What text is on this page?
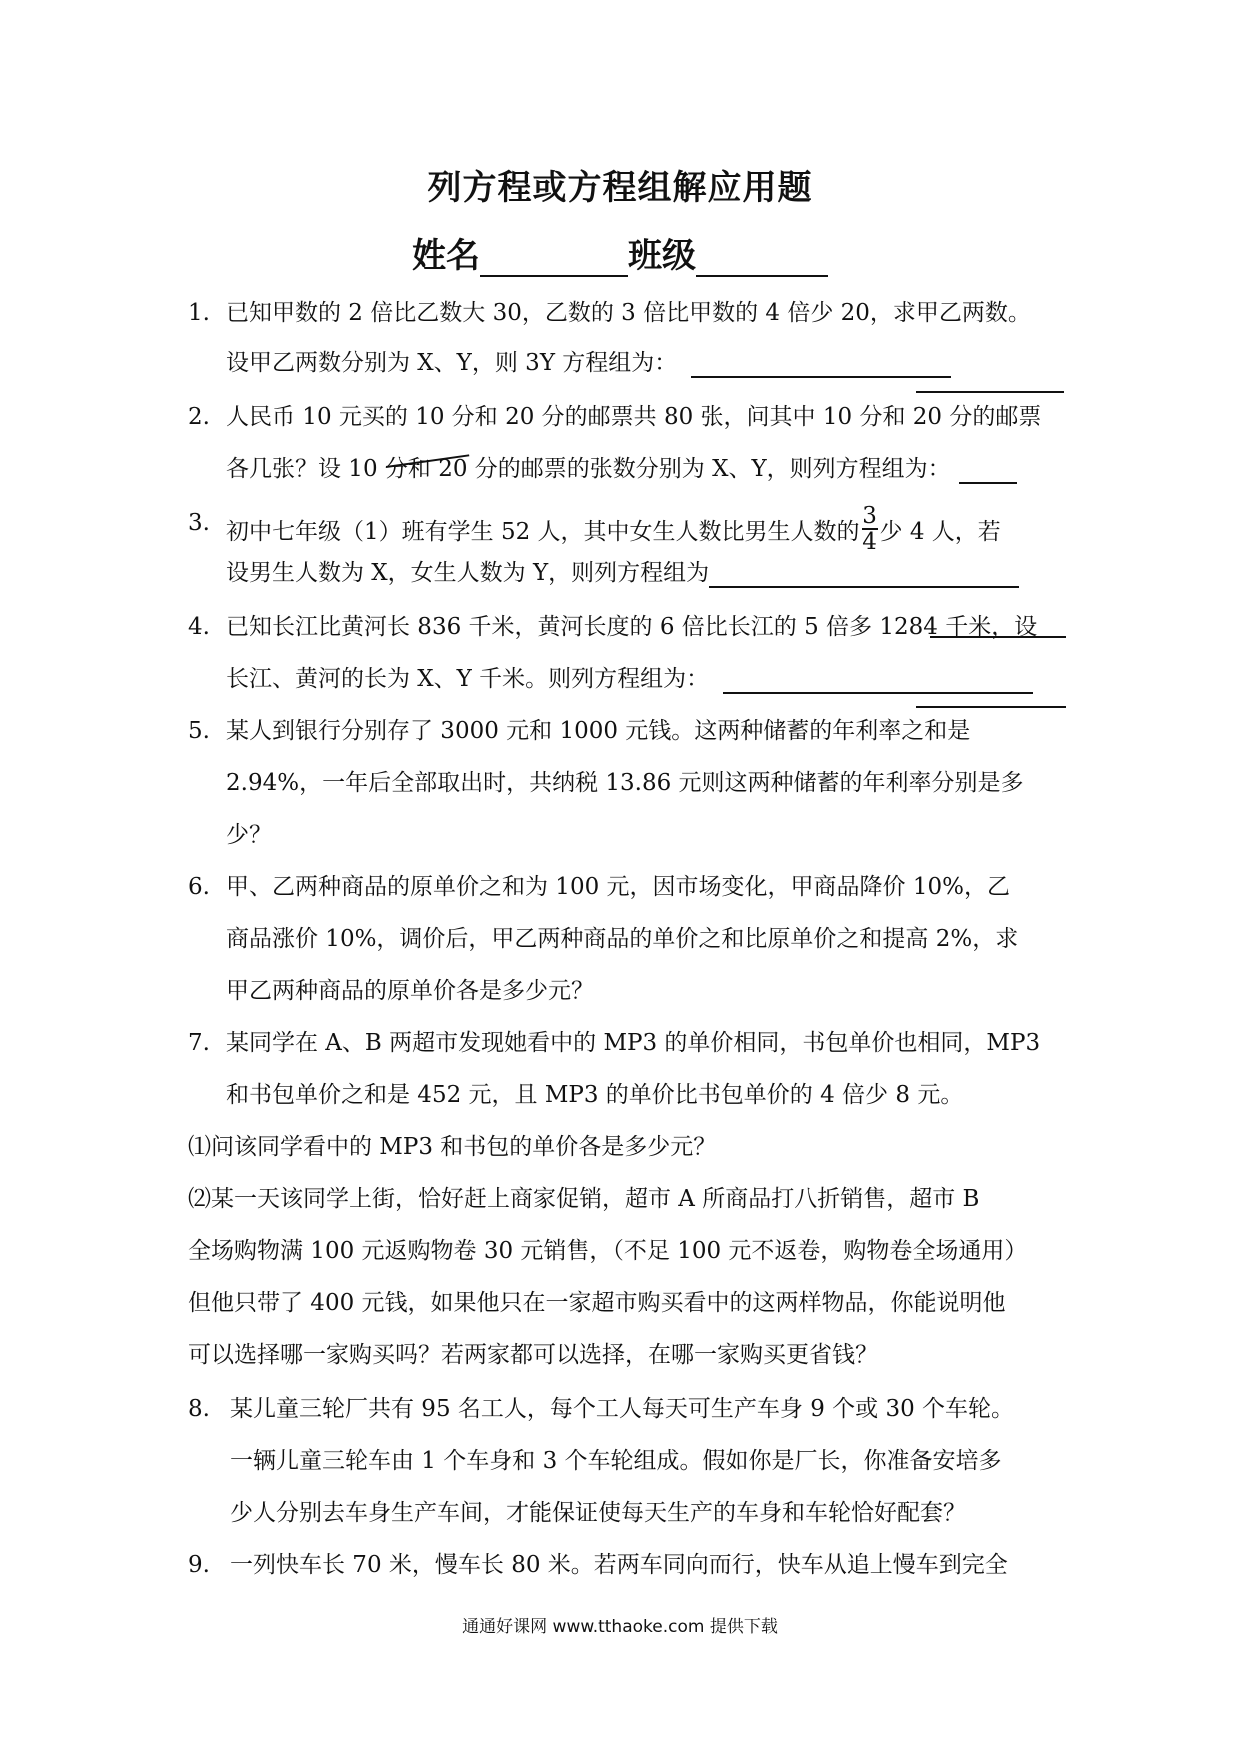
列方程或方程组解应用题
姓名	班级
1. 已知甲数的 2 倍比乙数大 30，乙数的 3 倍比甲数的 4 倍少 20，求甲乙两数。
设甲乙两数分别为 X、Y，则 3Y 方程组为：
2. 人民币 10 元买的 10 分和 20 分的邮票共 80 张，问其中 10 分和 20 分的邮票
各几张？设 10 分和 20 分的邮票的张数分别为 X、Y，则列方程组为：
3. 初中七年级（1）班有学生 52 人，其中女生人数比男生人数的 $\frac{3}{4}$ 少 4 人，若
设男生人数为 X，女生人数为 Y，则列方程组为
4. 已知长江比黄河长 836 千米，黄河长度的 6 倍比长江的 5 倍多 1284 千米，设
长江、黄河的长为 X、Y 千米。则列方程组为：
5. 某人到银行分别存了 3000 元和 1000 元钱。这两种储蓄的年利率之和是
2.94%，一年后全部取出时，共纳税 13.86 元则这两种储蓄的年利率分别是多
少？
6. 甲、乙两种商品的原单价之和为 100 元，因市场变化，甲商品降价 10%，乙
商品涨价 10%，调价后，甲乙两种商品的单价之和比原单价之和提高 2%，求
甲乙两种商品的原单价各是多少元？
7. 某同学在 A、B 两超市发现她看中的 MP3 的单价相同，书包单价也相同，MP3
和书包单价之和是 452 元，且 MP3 的单价比书包单价的 4 倍少 8 元。
⑴问该同学看中的 MP3 和书包的单价各是多少元？
⑵某一天该同学上街，恰好赶上商家促销，超市 A 所商品打八折销售，超市 B
全场购物满 100 元返购物卷 30 元销售，（不足 100 元不返卷，购物卷全场通用）
但他只带了 400 元钱，如果他只在一家超市购买看中的这两样物品，你能说明他
可以选择哪一家购买吗？若两家都可以选择，在哪一家购买更省钱？
8. 某儿童三轮厂共有 95 名工人，每个工人每天可生产车身 9 个或 30 个车轮。
一辆儿童三轮车由 1 个车身和 3 个车轮组成。假如你是厂长，你准备安培多
少人分别去车身生产车间，才能保证使每天生产的车身和车轮恰好配套？
9. 一列快车长 70 米，慢车长 80 米。若两车同向而行，快车从追上慢车到完全
通通好课网 www.tthaoke.com 提供下载
